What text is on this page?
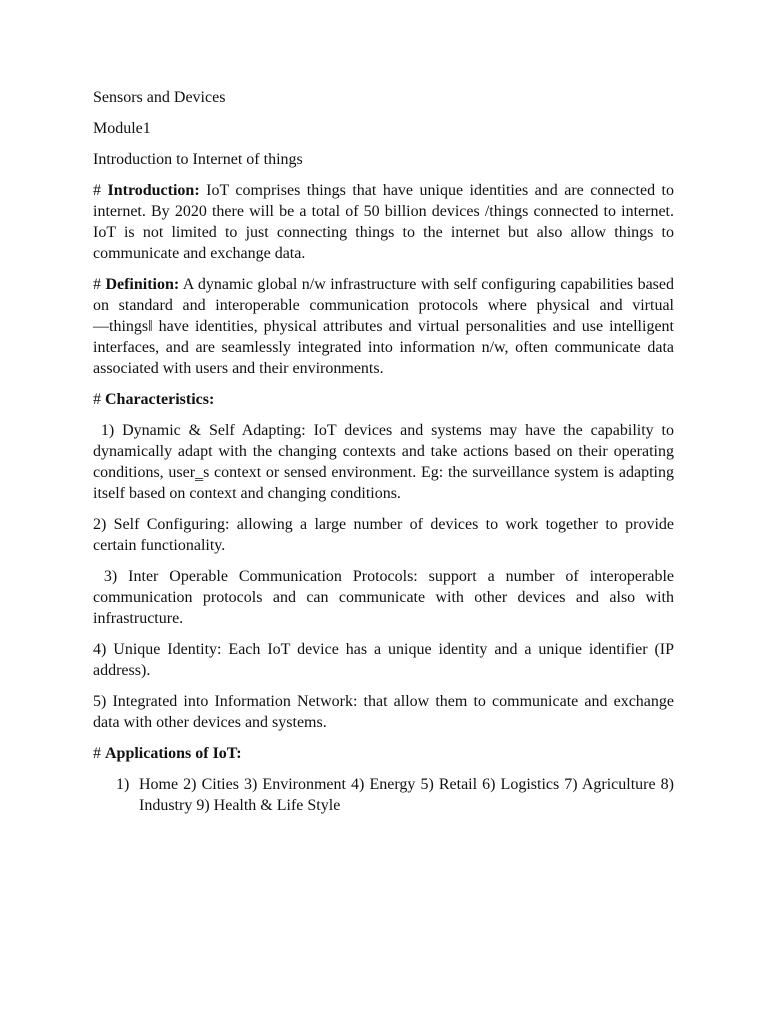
Sensors and Devices

Module1

Introduction to Internet of things

# Introduction: IoT comprises things that have unique identities and are connected to internet. By 2020 there will be a total of 50 billion devices /things connected to internet. IoT is not limited to just connecting things to the internet but also allow things to communicate and exchange data.

# Definition: A dynamic global n/w infrastructure with self configuring capabilities based on standard and interoperable communication protocols where physical and virtual ―things‖ have identities, physical attributes and virtual personalities and use intelligent interfaces, and are seamlessly integrated into information n/w, often communicate data associated with users and their environments.

# Characteristics:

1) Dynamic & Self Adapting: IoT devices and systems may have the capability to dynamically adapt with the changing contexts and take actions based on their operating conditions, user‗s context or sensed environment. Eg: the surveillance system is adapting itself based on context and changing conditions.

2) Self Configuring: allowing a large number of devices to work together to provide certain functionality.

3) Inter Operable Communication Protocols: support a number of interoperable communication protocols and can communicate with other devices and also with infrastructure.

4) Unique Identity: Each IoT device has a unique identity and a unique identifier (IP address).

5) Integrated into Information Network: that allow them to communicate and exchange data with other devices and systems.

# Applications of IoT:

1) Home 2) Cities 3) Environment 4) Energy 5) Retail 6) Logistics 7) Agriculture 8) Industry 9) Health & Life Style
